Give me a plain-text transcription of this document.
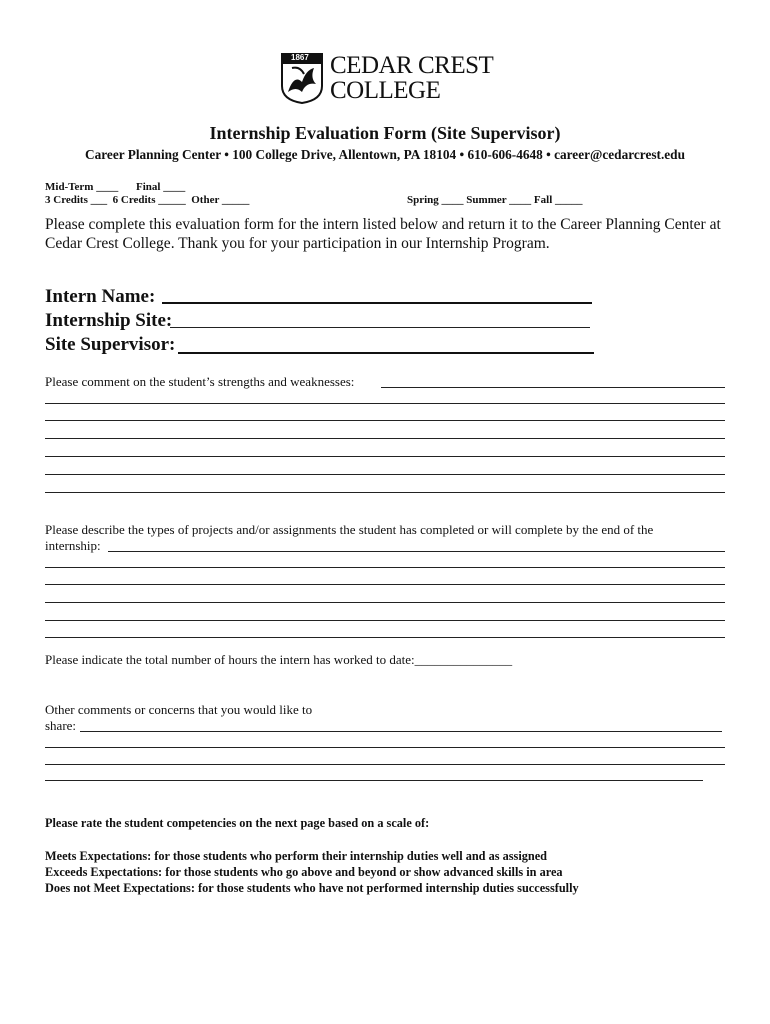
1867 CEDAR CREST
COLLEGE
Internship Evaluation Form (Site Supervisor)
Career Planning Center • 100 College Drive, Allentown, PA 18104 • 610-606-4648 • career@cedarcrest.edu
Mid-Term ____ Final ____
3 Credits ___  6 Credits _____  Other _____	Spring ____ Summer ____ Fall _____
Please complete this evaluation form for the intern listed below and return it to the Career Planning Center at Cedar Crest College. Thank you for your participation in our Internship Program.
Intern Name:
Internship Site:
Site Supervisor:
Please comment on the student’s strengths and weaknesses:
Please describe the types of projects and/or assignments the student has completed or will complete by the end of the
internship:
Please indicate the total number of hours the intern has worked to date:_______________
Other comments or concerns that you would like to
share:
Please rate the student competencies on the next page based on a scale of:
Meets Expectations: for those students who perform their internship duties well and as assigned
Exceeds Expectations: for those students who go above and beyond or show advanced skills in area
Does not Meet Expectations: for those students who have not performed internship duties successfully
